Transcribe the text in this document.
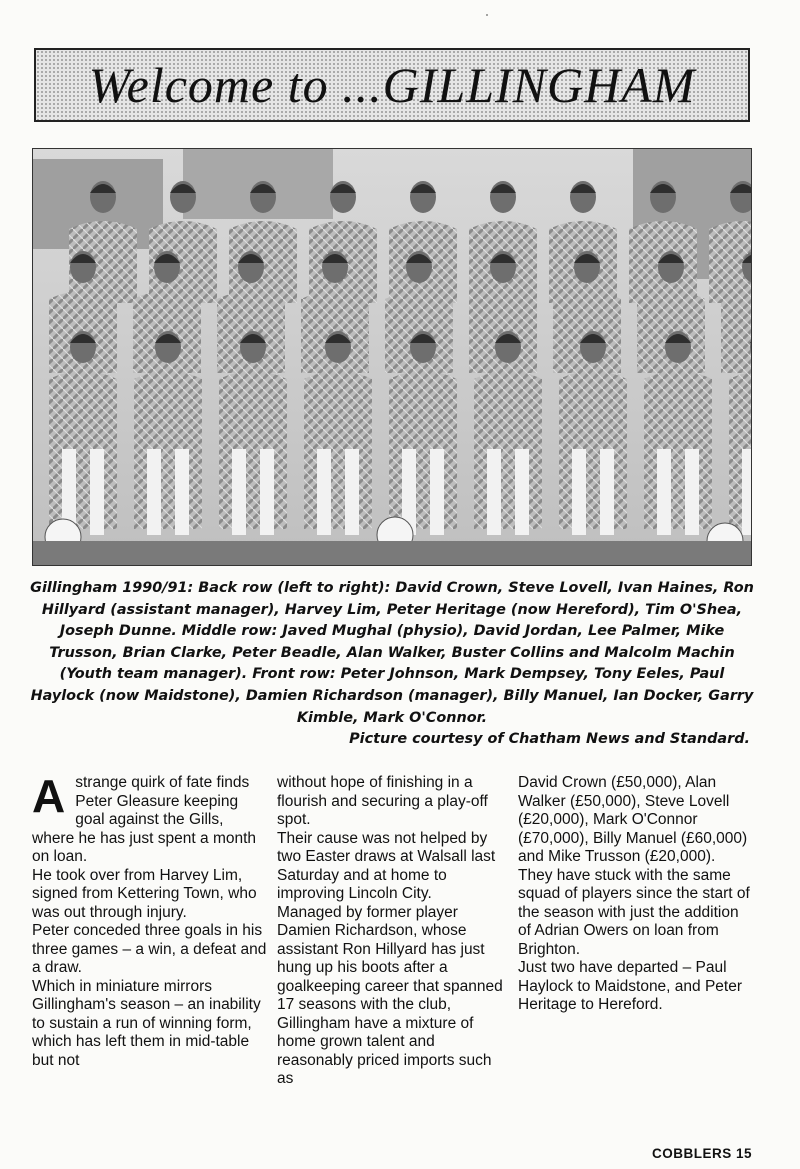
Welcome to ...GILLINGHAM
Gillingham 1990/91: Back row (left to right): David Crown, Steve Lovell, Ivan Haines, Ron Hillyard (assistant manager), Harvey Lim, Peter Heritage (now Hereford), Tim O'Shea, Joseph Dunne. Middle row: Javed Mughal (physio), David Jordan, Lee Palmer, Mike Trusson, Brian Clarke, Peter Beadle, Alan Walker, Buster Collins and Malcolm Machin (Youth team manager). Front row: Peter Johnson, Mark Dempsey, Tony Eeles, Paul Haylock (now Maidstone), Damien Richardson (manager), Billy Manuel, Ian Docker, Garry Kimble, Mark O'Connor.
Picture courtesy of Chatham News and Standard.
A strange quirk of fate finds Peter Gleasure keeping goal against the Gills, where he has just spent a month on loan.

He took over from Harvey Lim, signed from Kettering Town, who was out through injury.

Peter conceded three goals in his three games – a win, a defeat and a draw.

Which in miniature mirrors Gillingham's season – an inability to sustain a run of winning form, which has left them in mid-table but not

without hope of finishing in a flourish and securing a play-off spot.

Their cause was not helped by two Easter draws at Walsall last Saturday and at home to improving Lincoln City.

Managed by former player Damien Richardson, whose assistant Ron Hillyard has just hung up his boots after a goalkeeping career that spanned 17 seasons with the club, Gillingham have a mixture of home grown talent and reasonably priced imports such as

David Crown (£50,000), Alan Walker (£50,000), Steve Lovell (£20,000), Mark O'Connor (£70,000), Billy Manuel (£60,000) and Mike Trusson (£20,000).

They have stuck with the same squad of players since the start of the season with just the addition of Adrian Owers on loan from Brighton.

Just two have departed – Paul Haylock to Maidstone, and Peter Heritage to Hereford.

COBBLERS 15
